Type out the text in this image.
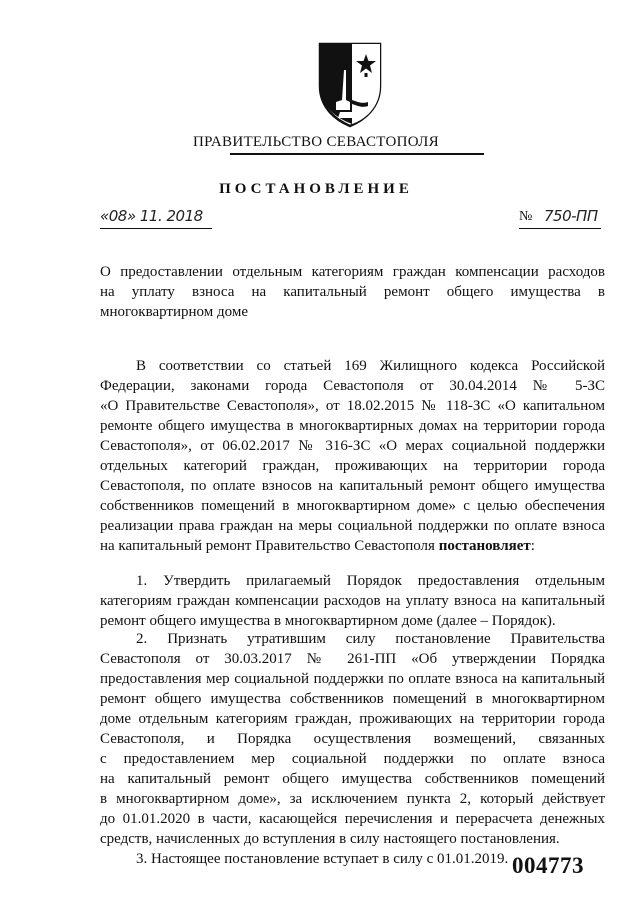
ПРАВИТЕЛЬСТВО СЕВАСТОПОЛЯ
ПОСТАНОВЛЕНИЕ
«08» 11. 2018	№ 750-ПП
О предоставлении отдельным категориям граждан компенсации расходов
на уплату взноса на капитальный ремонт общего имущества в
многоквартирном доме
В соответствии со статьей 169 Жилищного кодекса Российской
Федерации, законами города Севастополя от 30.04.2014 № 5-ЗС
«О Правительстве Севастополя», от 18.02.2015 № 118-ЗС «О капитальном
ремонте общего имущества в многоквартирных домах на территории города
Севастополя», от 06.02.2017 № 316-ЗС «О мерах социальной поддержки
отдельных категорий граждан, проживающих на территории города
Севастополя, по оплате взносов на капитальный ремонт общего имущества
собственников помещений в многоквартирном доме» с целью обеспечения
реализации права граждан на меры социальной поддержки по оплате взноса
на капитальный ремонт Правительство Севастополя постановляет:
1. Утвердить прилагаемый Порядок предоставления отдельным
категориям граждан компенсации расходов на уплату взноса на капитальный
ремонт общего имущества в многоквартирном доме (далее – Порядок).
2. Признать утратившим силу постановление Правительства
Севастополя от 30.03.2017 № 261-ПП «Об утверждении Порядка
предоставления мер социальной поддержки по оплате взноса на капитальный
ремонт общего имущества собственников помещений в многоквартирном
доме отдельным категориям граждан, проживающих на территории города
Севастополя, и Порядка осуществления возмещений, связанных
с предоставлением мер социальной поддержки по оплате взноса
на капитальный ремонт общего имущества собственников помещений
в многоквартирном доме», за исключением пункта 2, который действует
до 01.01.2020 в части, касающейся перечисления и перерасчета денежных
средств, начисленных до вступления в силу настоящего постановления.
3. Настоящее постановление вступает в силу с 01.01.2019. 004773
